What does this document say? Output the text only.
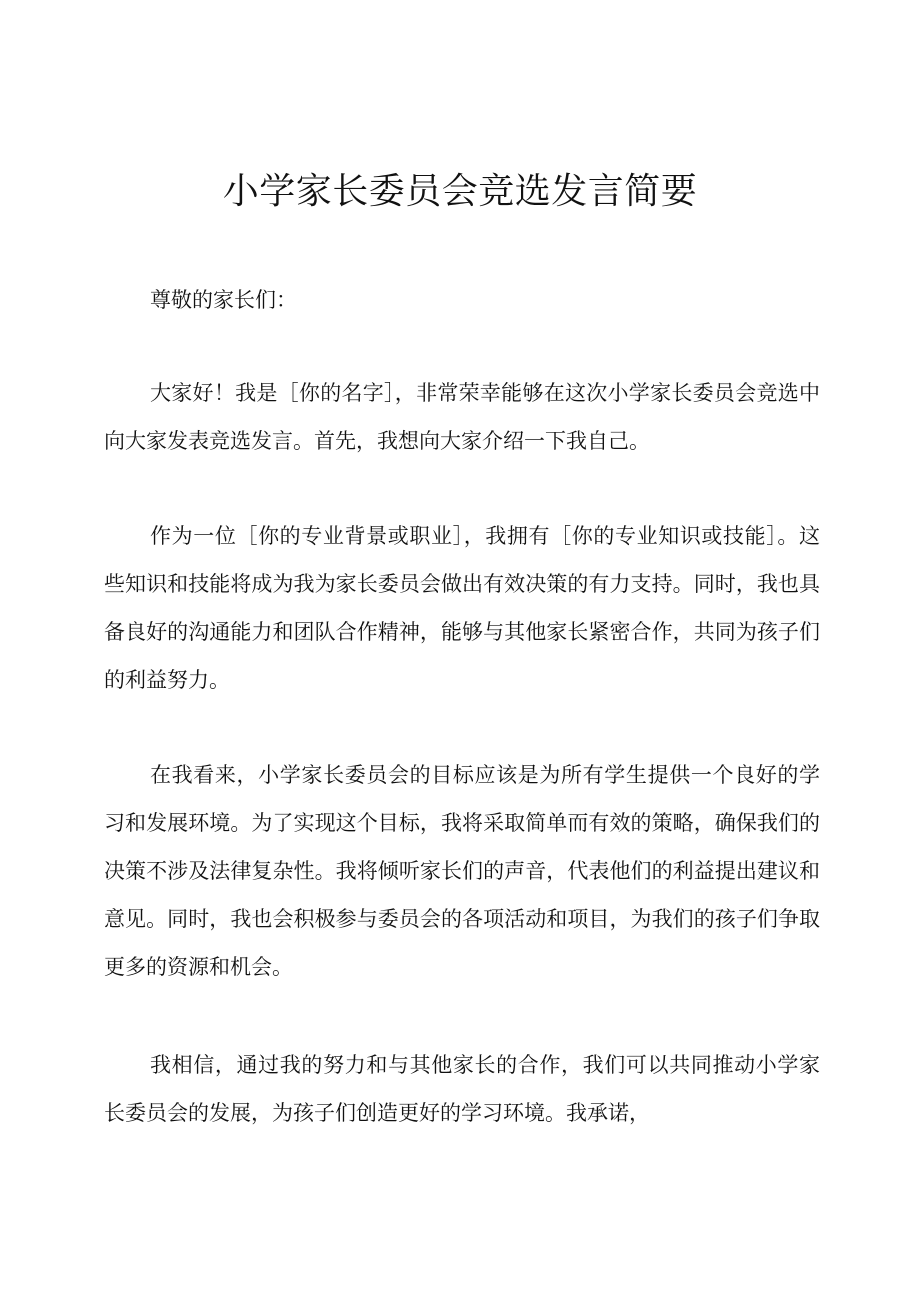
小学家长委员会竞选发言简要

尊敬的家长们：

大家好！我是［你的名字］，非常荣幸能够在这次小学家长委员会竞选中向大家发表竞选发言。首先，我想向大家介绍一下我自己。

作为一位［你的专业背景或职业］，我拥有［你的专业知识或技能］。这些知识和技能将成为我为家长委员会做出有效决策的有力支持。同时，我也具备良好的沟通能力和团队合作精神，能够与其他家长紧密合作，共同为孩子们的利益努力。

在我看来，小学家长委员会的目标应该是为所有学生提供一个良好的学习和发展环境。为了实现这个目标，我将采取简单而有效的策略，确保我们的决策不涉及法律复杂性。我将倾听家长们的声音，代表他们的利益提出建议和意见。同时，我也会积极参与委员会的各项活动和项目，为我们的孩子们争取更多的资源和机会。

我相信，通过我的努力和与其他家长的合作，我们可以共同推动小学家长委员会的发展，为孩子们创造更好的学习环境。我承诺，
